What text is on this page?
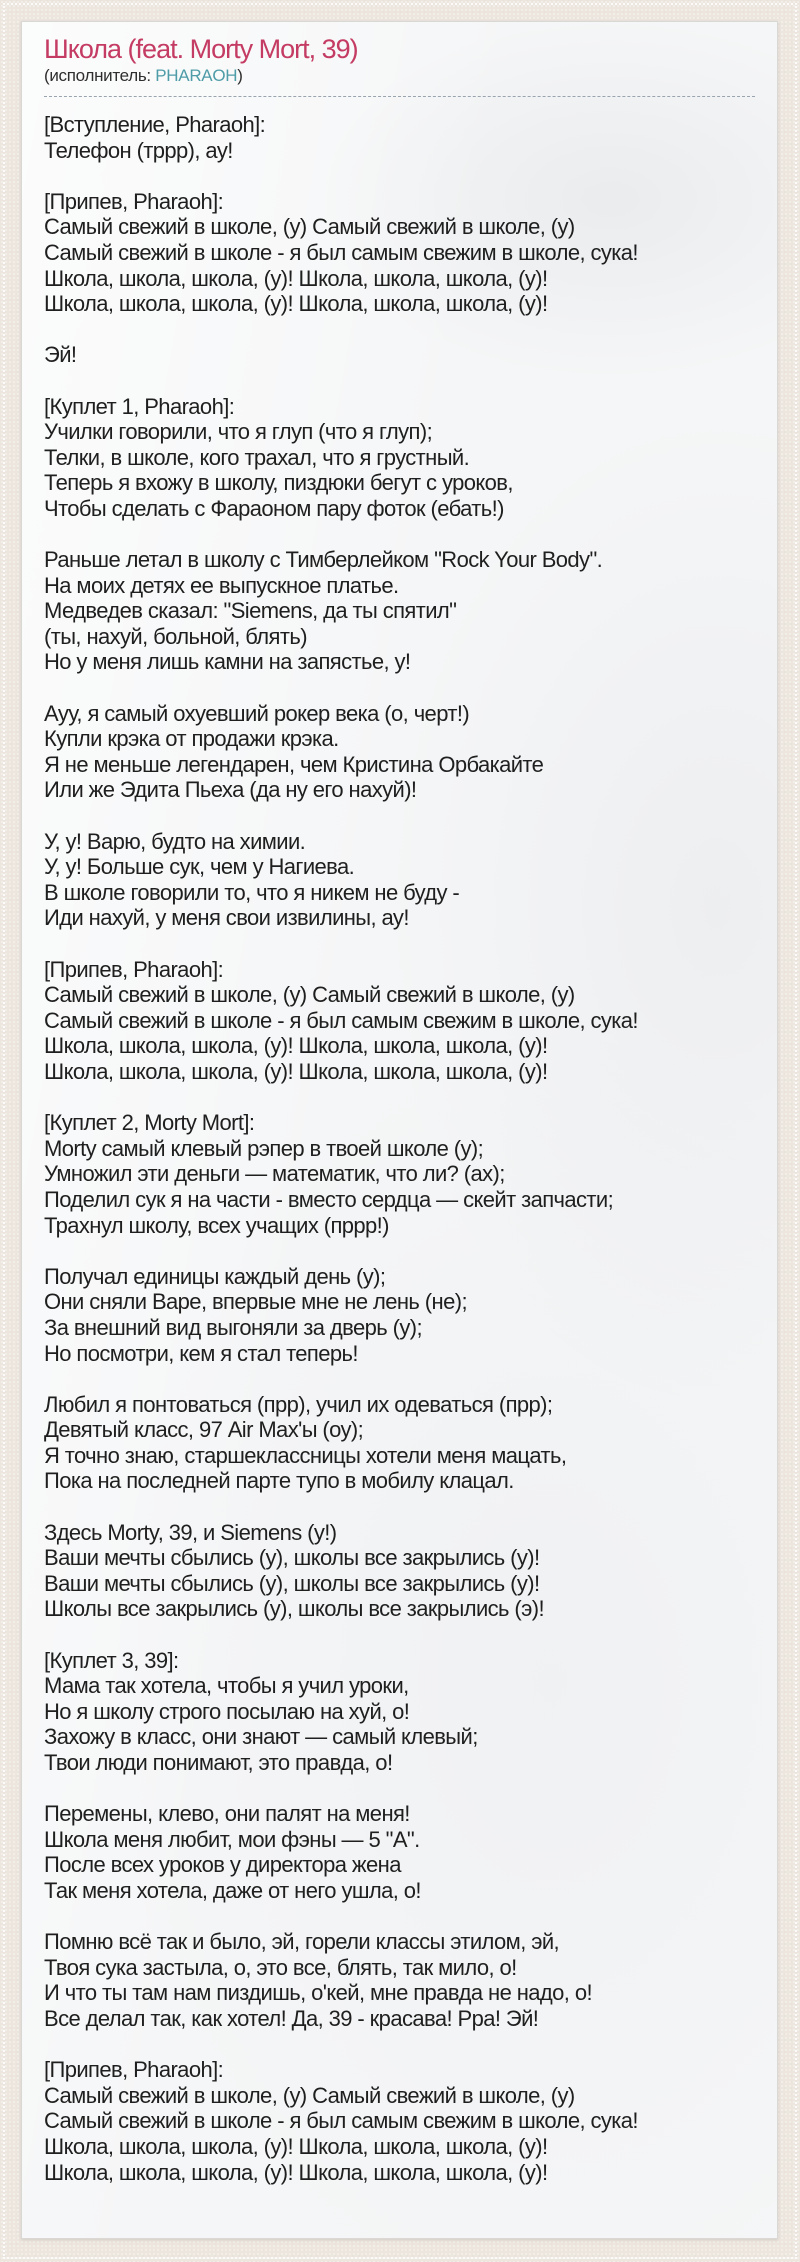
Школа (feat. Morty Mort, 39)
(исполнитель: PHARAOH)
[Вступление, Pharaoh]:
Телефон (тррр), ау!
[Припев, Pharaoh]:
Самый свежий в школе, (у) Самый свежий в школе, (у)
Самый свежий в школе - я был самым свежим в школе, сука!
Школа, школа, школа, (у)! Школа, школа, школа, (у)!
Школа, школа, школа, (у)! Школа, школа, школа, (у)!
Эй!
[Куплет 1, Pharaoh]:
Училки говорили, что я глуп (что я глуп);
Телки, в школе, кого трахал, что я грустный.
Теперь я вхожу в школу, пиздюки бегут с уроков,
Чтобы сделать с Фараоном пару фоток (ебать!)
Раньше летал в школу с Тимберлейком "Rock Your Body".
На моих детях ее выпускное платье.
Медведев сказал: "Siemens, да ты спятил"
(ты, нахуй, больной, блять)
Но у меня лишь камни на запястье, у!
Ауу, я самый охуевший рокер века (о, черт!)
Купли крэка от продажи крэка.
Я не меньше легендарен, чем Кристина Орбакайте
Или же Эдита Пьеха (да ну его нахуй)!
У, у! Варю, будто на химии.
У, у! Больше сук, чем у Нагиева.
В школе говорили то, что я никем не буду -
Иди нахуй, у меня свои извилины, ау!
[Припев, Pharaoh]:
Самый свежий в школе, (у) Самый свежий в школе, (у)
Самый свежий в школе - я был самым свежим в школе, сука!
Школа, школа, школа, (у)! Школа, школа, школа, (у)!
Школа, школа, школа, (у)! Школа, школа, школа, (у)!
[Куплет 2, Morty Mort]:
Morty самый клевый рэпер в твоей школе (у);
Умножил эти деньги — математик, что ли? (ах);
Поделил сук я на части - вместо сердца — скейт запчасти;
Трахнул школу, всех учащих (пррр!)
Получал единицы каждый день (у);
Они сняли Варе, впервые мне не лень (не);
За внешний вид выгоняли за дверь (у);
Но посмотри, кем я стал теперь!
Любил я понтоваться (прр), учил их одеваться (прр);
Девятый класс, 97 Air Max'ы (оу);
Я точно знаю, старшеклассницы хотели меня мацать,
Пока на последней парте тупо в мобилу клацал.
Здесь Morty, 39, и Siemens (у!)
Ваши мечты сбылись (у), школы все закрылись (у)!
Ваши мечты сбылись (у), школы все закрылись (у)!
Школы все закрылись (у), школы все закрылись (э)!
[Куплет 3, 39]:
Мама так хотела, чтобы я учил уроки,
Но я школу строго посылаю на хуй, о!
Захожу в класс, они знают — самый клевый;
Твои люди понимают, это правда, о!
Перемены, клево, они палят на меня!
Школа меня любит, мои фэны — 5 "А".
После всех уроков у директора жена
Так меня хотела, даже от него ушла, о!
Помню всё так и было, эй, горели классы этилом, эй,
Твоя сука застыла, о, это все, блять, так мило, о!
И что ты там нам пиздишь, о'кей, мне правда не надо, о!
Все делал так, как хотел! Да, 39 - красава! Рра! Эй!
[Припев, Pharaoh]:
Самый свежий в школе, (у) Самый свежий в школе, (у)
Самый свежий в школе - я был самым свежим в школе, сука!
Школа, школа, школа, (у)! Школа, школа, школа, (у)!
Школа, школа, школа, (у)! Школа, школа, школа, (у)!
